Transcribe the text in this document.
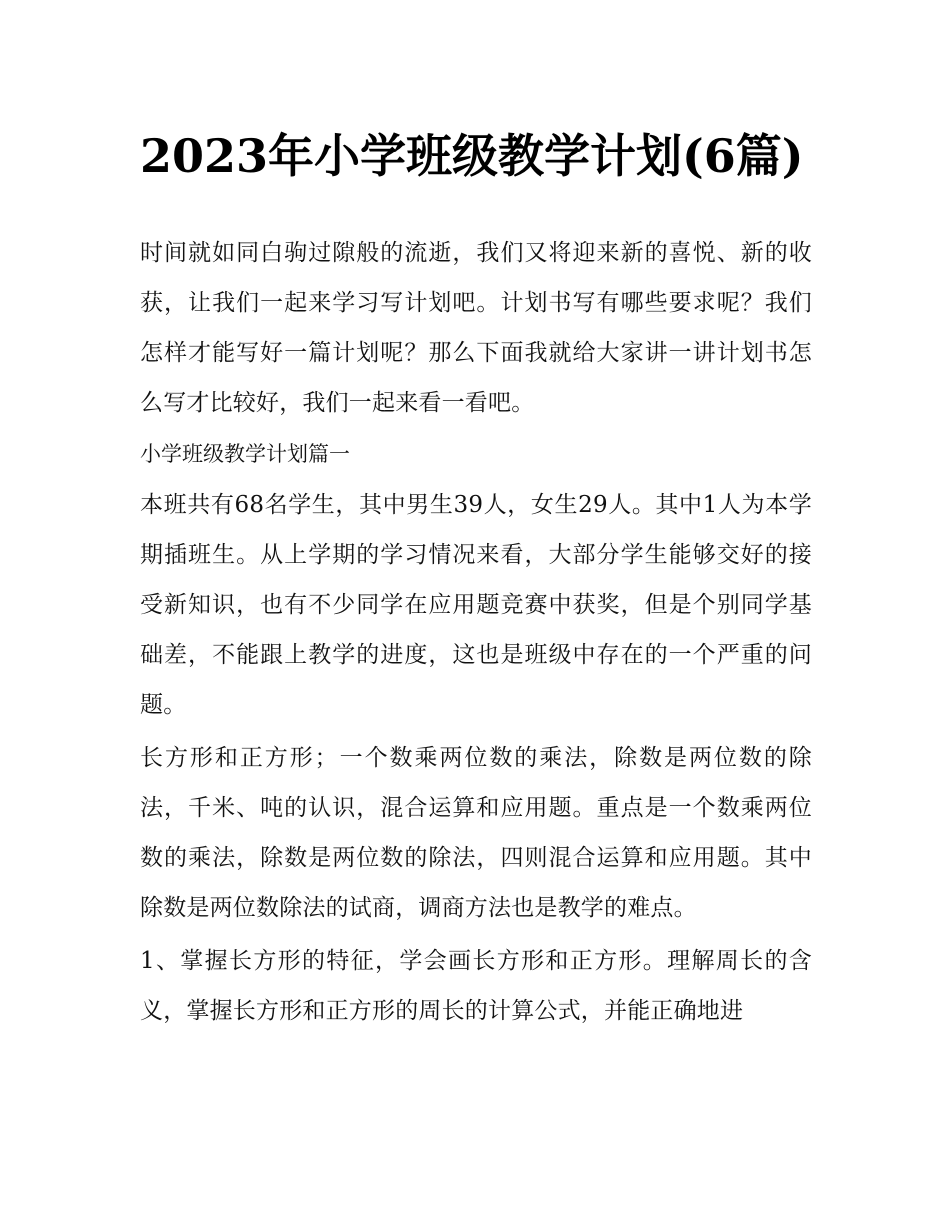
2023年小学班级教学计划(6篇)

时间就如同白驹过隙般的流逝，我们又将迎来新的喜悦、新的收获，让我们一起来学习写计划吧。计划书写有哪些要求呢？我们怎样才能写好一篇计划呢？那么下面我就给大家讲一讲计划书怎么写才比较好，我们一起来看一看吧。

小学班级教学计划篇一

本班共有68名学生，其中男生39人，女生29人。其中1人为本学期插班生。从上学期的学习情况来看，大部分学生能够交好的接受新知识，也有不少同学在应用题竞赛中获奖，但是个别同学基础差，不能跟上教学的进度，这也是班级中存在的一个严重的问题。

长方形和正方形；一个数乘两位数的乘法，除数是两位数的除法，千米、吨的认识，混合运算和应用题。重点是一个数乘两位数的乘法，除数是两位数的除法，四则混合运算和应用题。其中除数是两位数除法的试商，调商方法也是教学的难点。

1、掌握长方形的特征，学会画长方形和正方形。理解周长的含义，掌握长方形和正方形的周长的计算公式，并能正确地进
